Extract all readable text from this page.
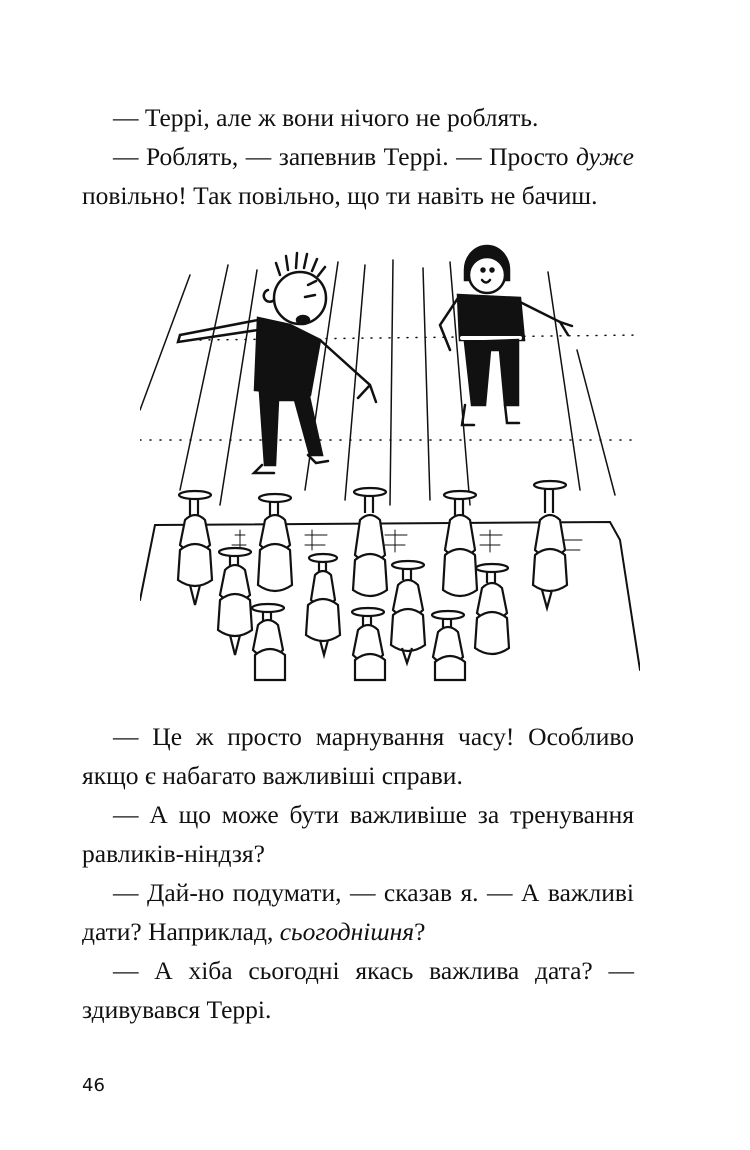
— Террі, але ж вони нічого не роблять.

— Роблять, — запевнив Террі. — Просто дуже повільно! Так повільно, що ти навіть не бачиш.

— Це ж просто марнування часу! Особливо якщо є набагато важливіші справи.

— А що може бути важливіше за тренування равликів-ніндзя?

— Дай-но подумати, — сказав я. — А важливі дати? Наприклад, сьогоднішня?

— А хіба сьогодні якась важлива дата? — здивувався Террі.

46
